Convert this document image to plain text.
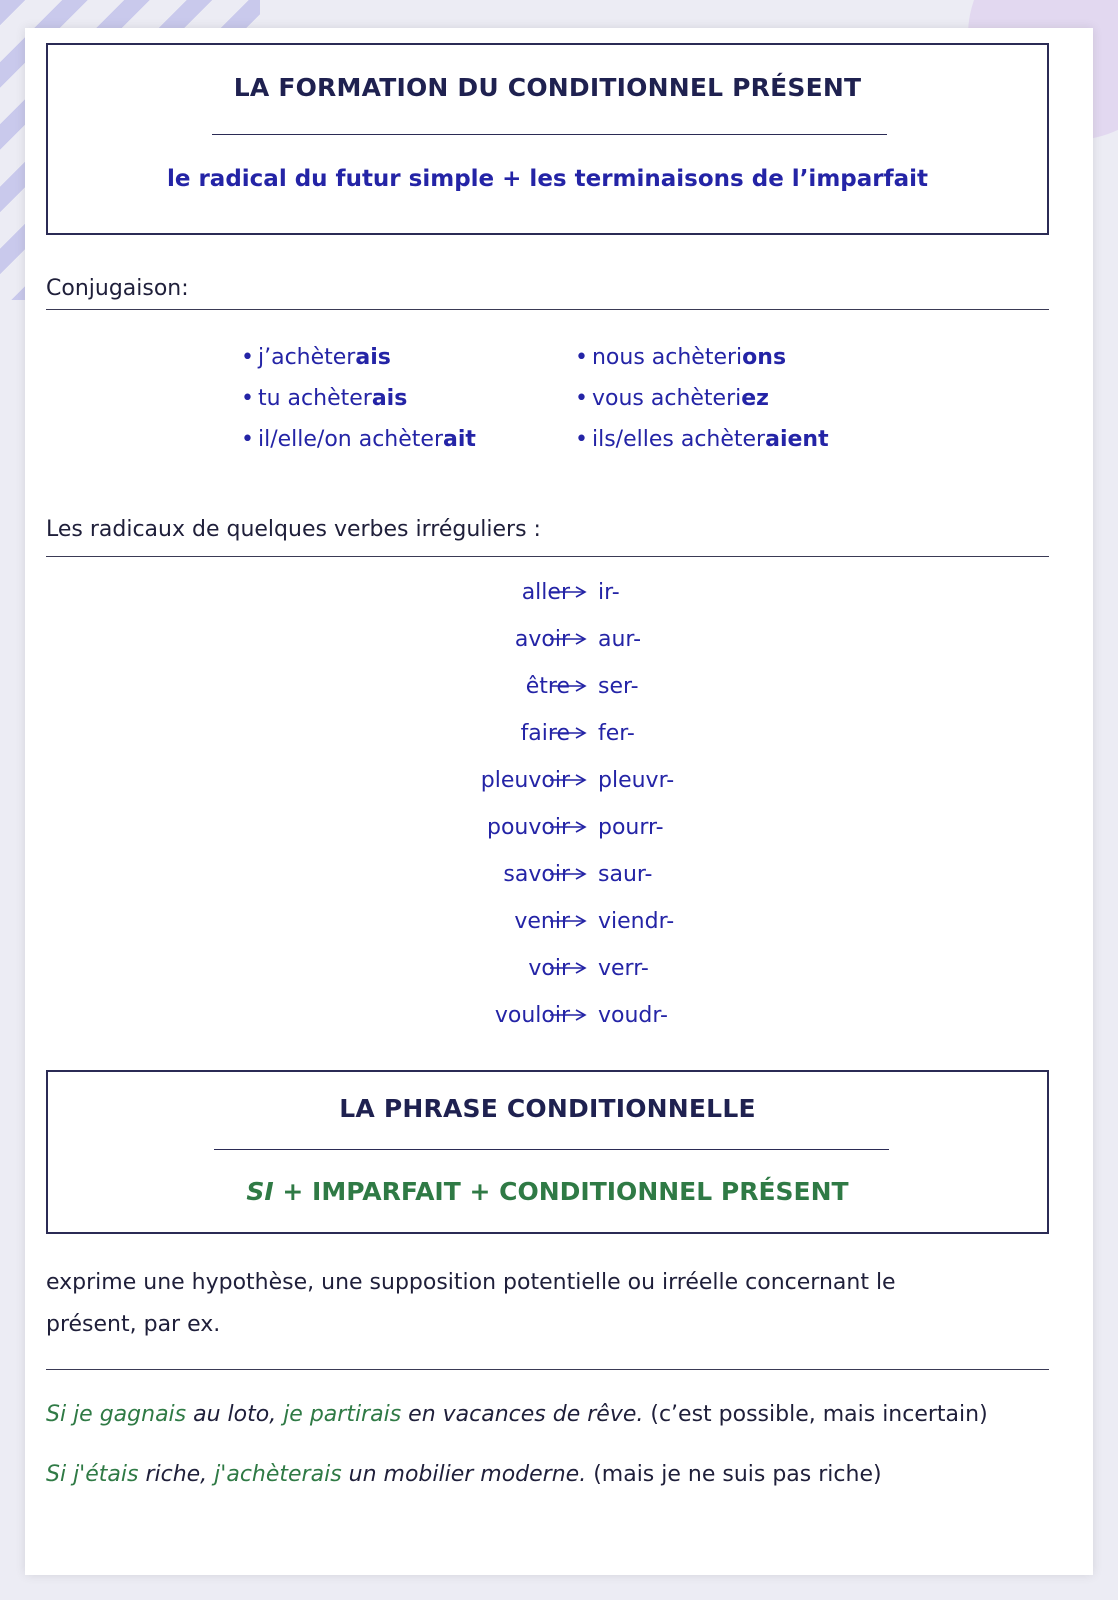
LA FORMATION DU CONDITIONNEL PRÉSENT
le radical du futur simple + les terminaisons de l’imparfait
Conjugaison:
• j’achèterais
• tu achèterais
• il/elle/on achèterait
• nous achèterions
• vous achèteriez
• ils/elles achèteraient
Les radicaux de quelques verbes irréguliers :
aller ir-
avoir aur-
être ser-
faire fer-
pleuvoir pleuvr-
pouvoir pourr-
savoir saur-
venir viendr-
voir verr-
vouloir voudr-
LA PHRASE CONDITIONNELLE
SI + IMPARFAIT + CONDITIONNEL PRÉSENT
exprime une hypothèse, une supposition potentielle ou irréelle concernant le présent, par ex.
Si je gagnais au loto, je partirais en vacances de rêve. (c’est possible, mais incertain)
Si j'étais riche, j'achèterais un mobilier moderne. (mais je ne suis pas riche)
